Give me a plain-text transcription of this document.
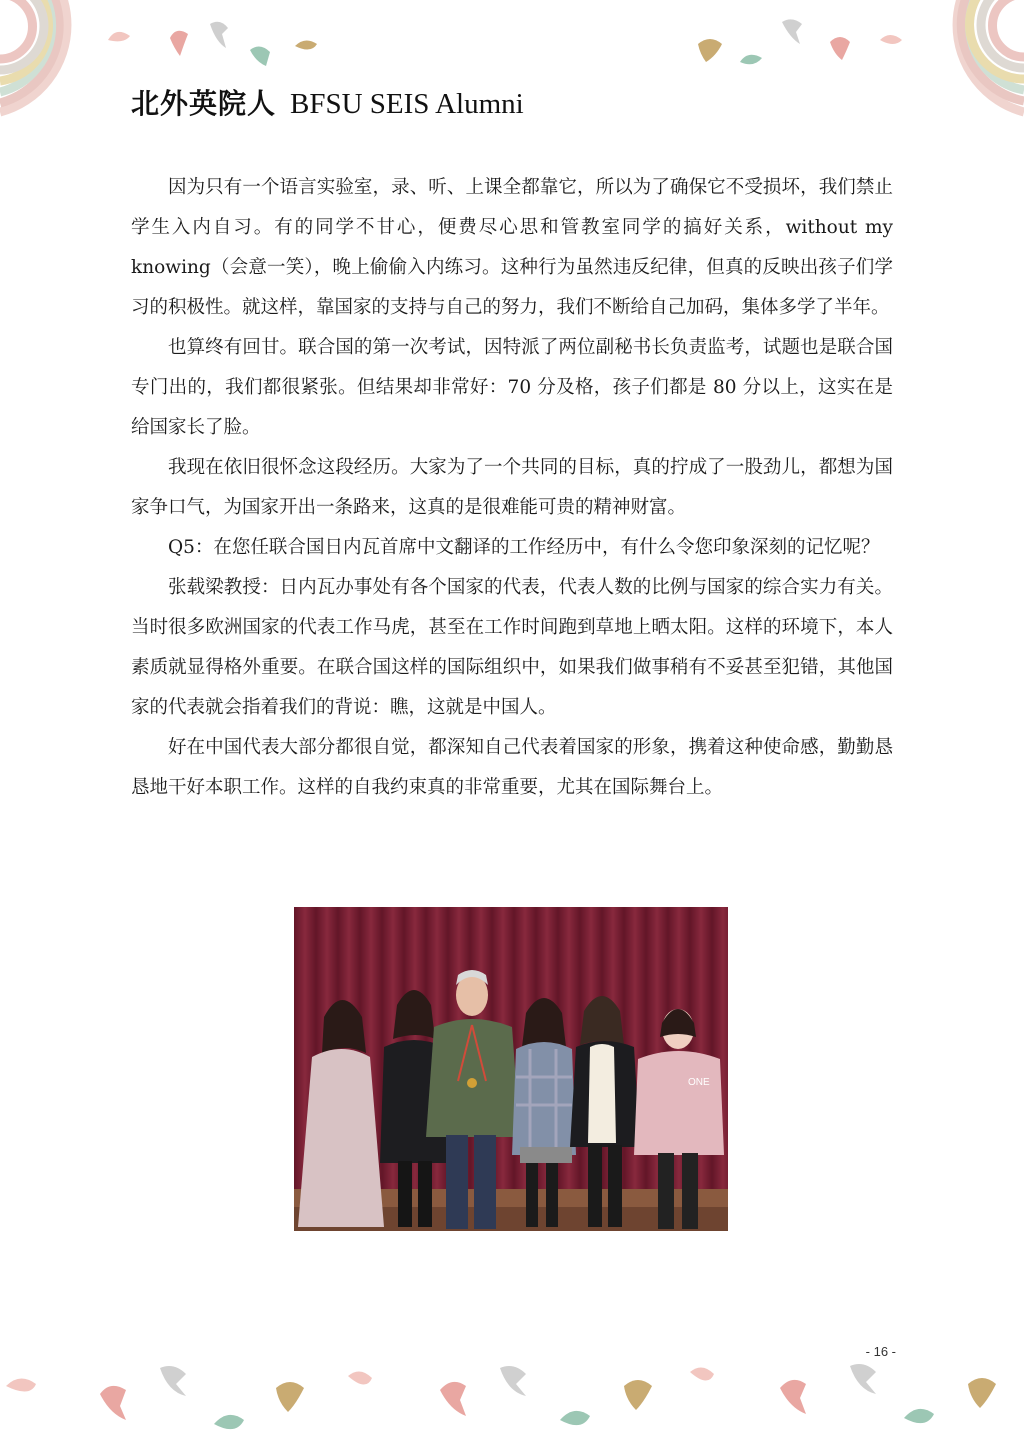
北外英院人 BFSU SEIS Alumni

因为只有一个语言实验室，录、听、上课全都靠它，所以为了确保它不受损坏，我们禁止学生入内自习。有的同学不甘心，便费尽心思和管教室同学的搞好关系，without my knowing（会意一笑），晚上偷偷入内练习。这种行为虽然违反纪律，但真的反映出孩子们学习的积极性。就这样，靠国家的支持与自己的努力，我们不断给自己加码，集体多学了半年。

也算终有回甘。联合国的第一次考试，因特派了两位副秘书长负责监考，试题也是联合国专门出的，我们都很紧张。但结果却非常好：70 分及格，孩子们都是 80 分以上，这实在是给国家长了脸。

我现在依旧很怀念这段经历。大家为了一个共同的目标，真的拧成了一股劲儿，都想为国家争口气，为国家开出一条路来，这真的是很难能可贵的精神财富。

Q5：在您任联合国日内瓦首席中文翻译的工作经历中，有什么令您印象深刻的记忆呢？

张载梁教授：日内瓦办事处有各个国家的代表，代表人数的比例与国家的综合实力有关。当时很多欧洲国家的代表工作马虎，甚至在工作时间跑到草地上晒太阳。这样的环境下，本人素质就显得格外重要。在联合国这样的国际组织中，如果我们做事稍有不妥甚至犯错，其他国家的代表就会指着我们的背说：瞧，这就是中国人。

好在中国代表大部分都很自觉，都深知自己代表着国家的形象，携着这种使命感，勤勤恳恳地干好本职工作。这样的自我约束真的非常重要，尤其在国际舞台上。

ONE
- 16 -
